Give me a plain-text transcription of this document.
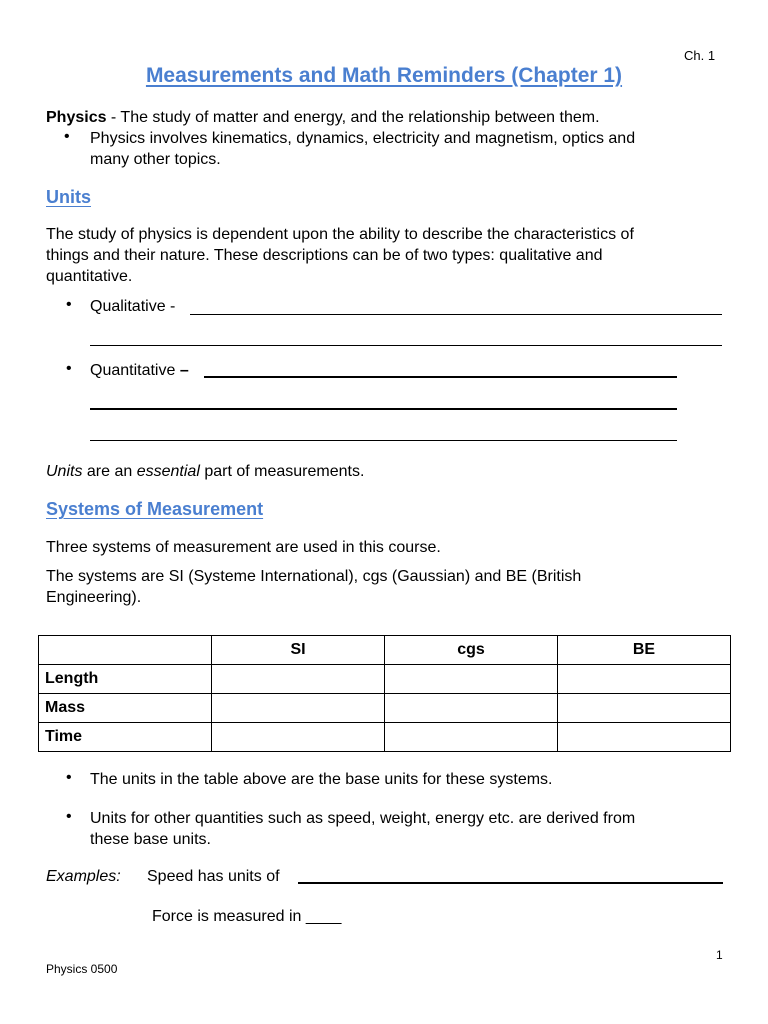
Ch. 1
Measurements and Math Reminders (Chapter 1)
Physics - The study of matter and energy, and the relationship between them.
• Physics involves kinematics, dynamics, electricity and magnetism, optics and
many other topics.
Units
The study of physics is dependent upon the ability to describe the characteristics of
things and their nature. These descriptions can be of two types: qualitative and
quantitative.
• Qualitative -
• Quantitative –
Units are an essential part of measurements.
Systems of Measurement
Three systems of measurement are used in this course.
The systems are SI (Systeme International), cgs (Gaussian) and BE (British
Engineering).
	SI	cgs	BE
Length			
Mass			
Time			
• The units in the table above are the base units for these systems.
• Units for other quantities such as speed, weight, energy etc. are derived from
these base units.
Examples: Speed has units of
Force is measured in ____
1
Physics 0500
